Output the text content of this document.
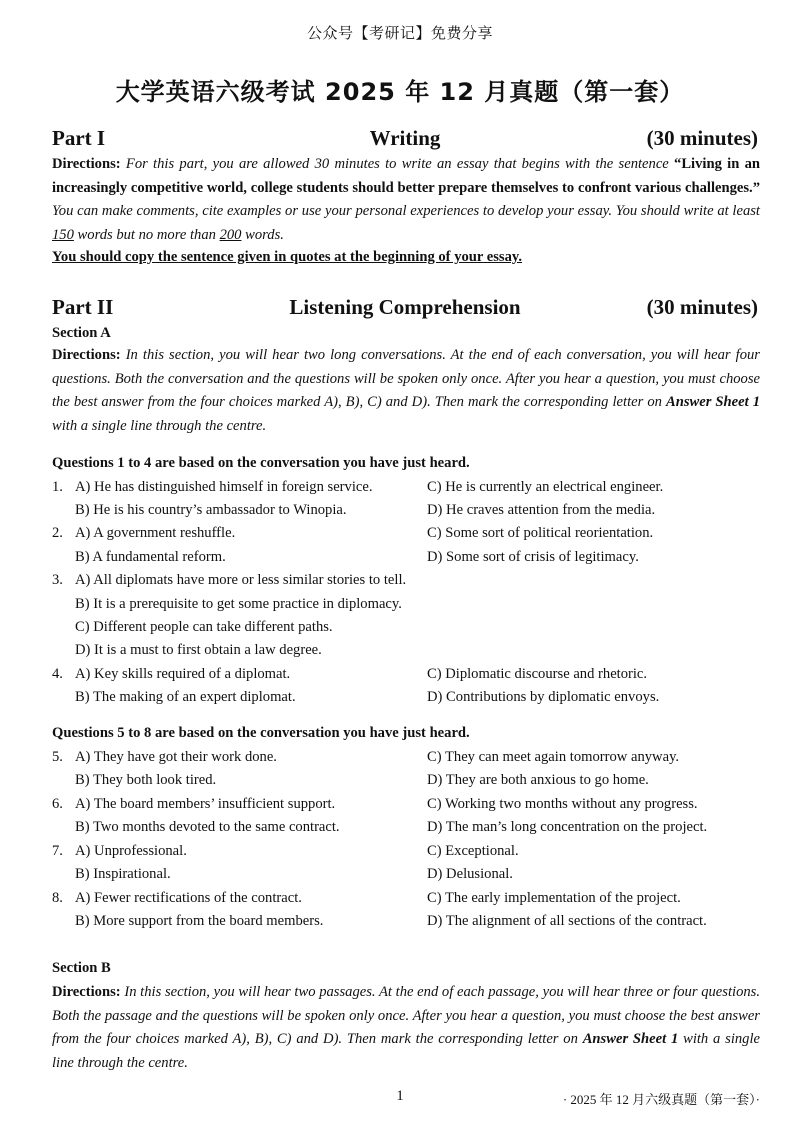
公众号【考研记】免费分享
大学英语六级考试 2025 年 12 月真题（第一套）
Writing
Part I	(30 minutes)
Directions: For this part, you are allowed 30 minutes to write an essay that begins with the sentence “Living in an increasingly competitive world, college students should better prepare themselves to confront various challenges.” You can make comments, cite examples or use your personal experiences to develop your essay. You should write at least 150 words but no more than 200 words.
You should copy the sentence given in quotes at the beginning of your essay.
Listening Comprehension
Part II	(30 minutes)
Section A
Directions: In this section, you will hear two long conversations. At the end of each conversation, you will hear four questions. Both the conversation and the questions will be spoken only once. After you hear a question, you must choose the best answer from the four choices marked A), B), C) and D). Then mark the corresponding letter on Answer Sheet 1 with a single line through the centre.
Questions 1 to 4 are based on the conversation you have just heard.
1. A) He has distinguished himself in foreign service.	C) He is currently an electrical engineer.
B) He is his country’s ambassador to Winopia.	D) He craves attention from the media.
2. A) A government reshuffle.	C) Some sort of political reorientation.
B) A fundamental reform.	D) Some sort of crisis of legitimacy.
3. A) All diplomats have more or less similar stories to tell.
B) It is a prerequisite to get some practice in diplomacy.
C) Different people can take different paths.
D) It is a must to first obtain a law degree.
4. A) Key skills required of a diplomat.	C) Diplomatic discourse and rhetoric.
B) The making of an expert diplomat.	D) Contributions by diplomatic envoys.
Questions 5 to 8 are based on the conversation you have just heard.
5. A) They have got their work done.	C) They can meet again tomorrow anyway.
B) They both look tired.	D) They are both anxious to go home.
6. A) The board members’ insufficient support.	C) Working two months without any progress.
B) Two months devoted to the same contract.	D) The man’s long concentration on the project.
7. A) Unprofessional.	C) Exceptional.
B) Inspirational.	D) Delusional.
8. A) Fewer rectifications of the contract.	C) The early implementation of the project.
B) More support from the board members.	D) The alignment of all sections of the contract.
Section B
Directions: In this section, you will hear two passages. At the end of each passage, you will hear three or four questions. Both the passage and the questions will be spoken only once. After you hear a question, you must choose the best answer from the four choices marked A), B), C) and D). Then mark the corresponding letter on Answer Sheet 1 with a single line through the centre.
1	· 2025 年 12 月六级真题（第一套）·
